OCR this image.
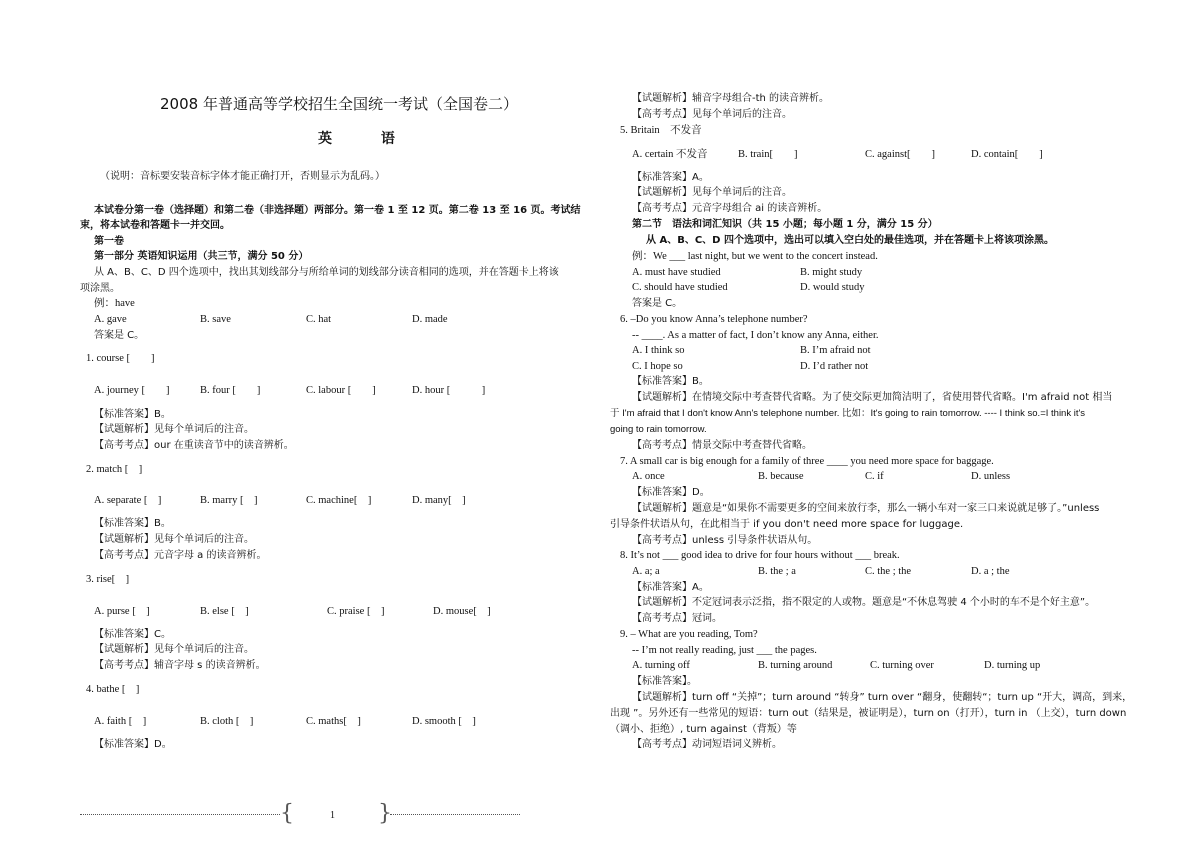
2008 年普通高等学校招生全国统一考试（全国卷二）
英 语
（说明：音标要安装音标字体才能正确打开，否则显示为乱码。）
本试卷分第一卷（选择题）和第二卷（非选择题）两部分。第一卷 1 至 12 页。第二卷 13 至 16 页。考试结
束，将本试卷和答题卡一并交回。
第一卷
第一部分 英语知识运用（共三节，满分 50 分）
从 A、B、C、D 四个选项中，找出其划线部分与所给单词的划线部分读音相同的选项，并在答题卡上将该
项涂黑。
例：have
A. gave	B. save	C. hat	D. made
答案是 C。
1. course [　　]
A. journey [　　]	B. four [　　]	C. labour [　　]	D. hour [　　　]
【标准答案】B。
【试题解析】见每个单词后的注音。
【高考考点】our 在重读音节中的读音辨析。
2. match [　]
A. separate [　]	B. marry [　]	C. machine[　]	D. many[　]
【标准答案】B。
【试题解析】见每个单词后的注音。
【高考考点】元音字母 a 的读音辨析。
3. rise[　]
A. purse [　]	B. else [　]	C. praise [　]	D. mouse[　]
【标准答案】C。
【试题解析】见每个单词后的注音。
【高考考点】辅音字母 s 的读音辨析。
4. bathe [　]
A. faith [　]	B. cloth [　]	C. maths[　]	D. smooth [　]
【标准答案】D。
{	1 }
【试题解析】辅音字母组合-th 的读音辨析。
【高考考点】见每个单词后的注音。
5. Britain　不发音
A. certain 不发音	B. train[　　]	C. against[　　]	D. contain[　　]
【标准答案】A。
【试题解析】见每个单词后的注音。
【高考考点】元音字母组合 ai 的读音辨析。
第二节　语法和词汇知识（共 15 小题；每小题 1 分，满分 15 分）
从 A、B、C、D 四个选项中，选出可以填入空白处的最佳选项，并在答题卡上将该项涂黑。
例：We ___ last night, but we went to the concert instead.
A. must have studied	B. might study
C. should have studied	D. would study
答案是 C。
6. –Do you know Anna’s telephone number?
-- ____. As a matter of fact, I don’t know any Anna, either.
A. I think so	B. I’m afraid not
C. I hope so	D. I’d rather not
【标准答案】B。
【试题解析】在情境交际中考查替代省略。为了使交际更加简洁明了，省使用替代省略。I'm afraid not 相当
于 I'm afraid that I don't know Ann's telephone number. 比如：It's going to rain tomorrow. ---- I think so.=I think it's
going to rain tomorrow.
【高考考点】情景交际中考查替代省略。
7. A small car is big enough for a family of three ____ you need more space for baggage.
A. once	B. because	C. if	D. unless
【标准答案】D。
【试题解析】题意是“如果你不需要更多的空间来放行李，那么一辆小车对一家三口来说就足够了。”unless
引导条件状语从句，在此相当于 if you don't need more space for luggage.
【高考考点】unless 引导条件状语从句。
8. It’s not ___ good idea to drive for four hours without ___ break.
A. a; a	B. the ; a	C. the ; the	D. a ; the
【标准答案】A。
【试题解析】不定冠词表示泛指，指不限定的人或物。题意是“不休息驾驶 4 个小时的车不是个好主意”。
【高考考点】冠词。
9. – What are you reading, Tom?
-- I’m not really reading, just ___ the pages.
A. turning off	B. turning around	C. turning over	D. turning up
【标准答案】。
【试题解析】turn off “关掉”；turn around “转身” turn over “翻身，使翻转“；turn up “开大，调高，到来，
出现 ”。另外还有一些常见的短语：turn out（结果是，被证明是），turn on（打开），turn in （上交），turn down
（调小、拒绝）, turn against（背叛）等
【高考考点】动词短语词义辨析。
